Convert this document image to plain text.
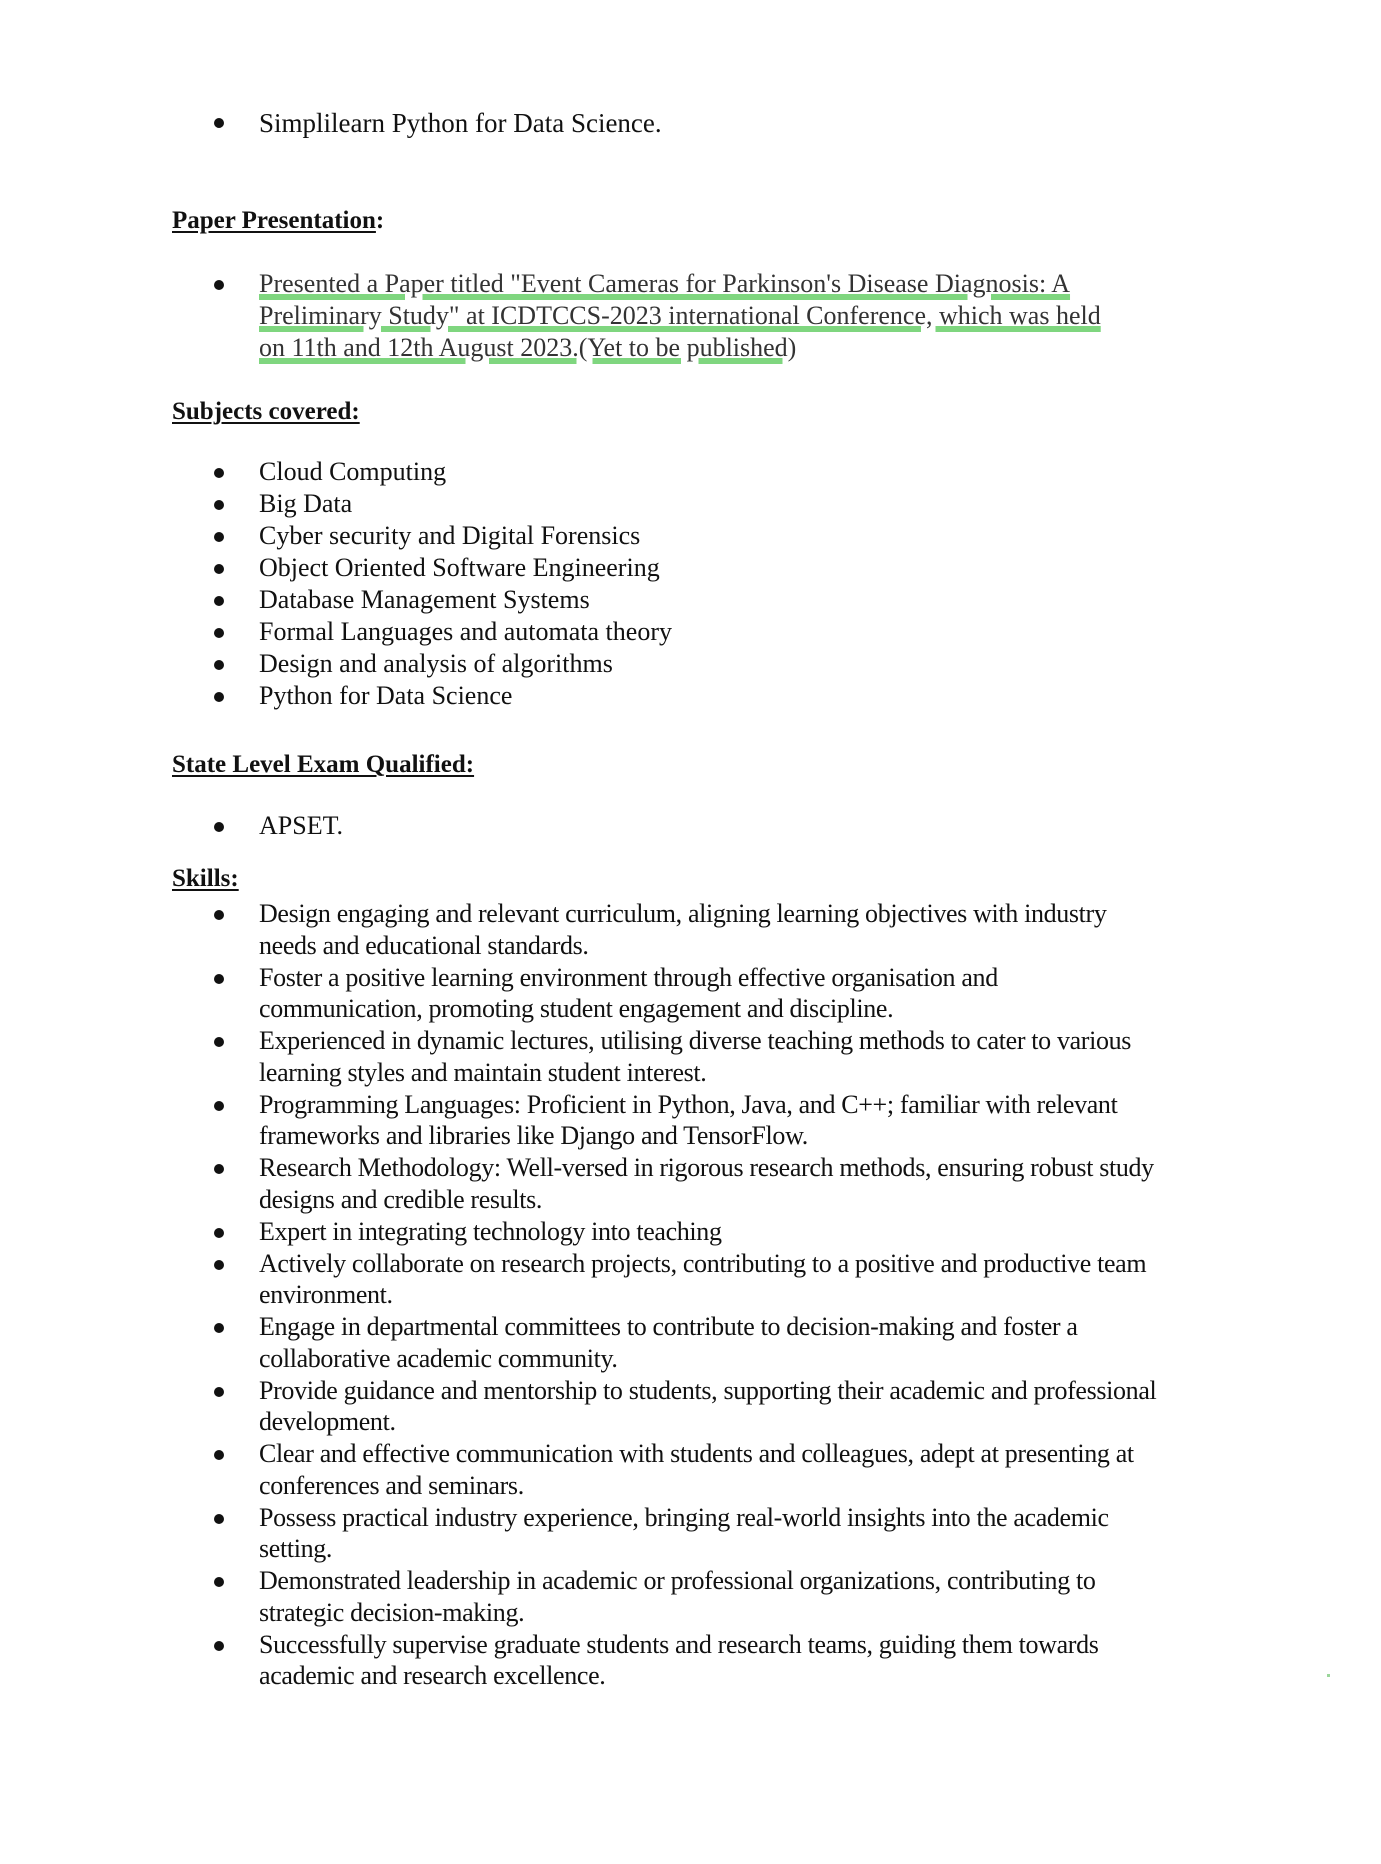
Simplilearn Python for Data Science.
Paper Presentation:
Presented a Paper titled "Event Cameras for Parkinson's Disease Diagnosis: A
Preliminary Study" at ICDTCCS-2023 international Conference, which was held
on 11th and 12th August 2023.(Yet to be published)
Subjects covered:
Cloud Computing
Big Data
Cyber security and Digital Forensics
Object Oriented Software Engineering
Database Management Systems
Formal Languages and automata theory
Design and analysis of algorithms
Python for Data Science
State Level Exam Qualified:
APSET.
Skills:
Design engaging and relevant curriculum, aligning learning objectives with industry
needs and educational standards.
Foster a positive learning environment through effective organisation and
communication, promoting student engagement and discipline.
Experienced in dynamic lectures, utilising diverse teaching methods to cater to various
learning styles and maintain student interest.
Programming Languages: Proficient in Python, Java, and C++; familiar with relevant
frameworks and libraries like Django and TensorFlow.
Research Methodology: Well-versed in rigorous research methods, ensuring robust study
designs and credible results.
Expert in integrating technology into teaching
Actively collaborate on research projects, contributing to a positive and productive team
environment.
Engage in departmental committees to contribute to decision-making and foster a
collaborative academic community.
Provide guidance and mentorship to students, supporting their academic and professional
development.
Clear and effective communication with students and colleagues, adept at presenting at
conferences and seminars.
Possess practical industry experience, bringing real-world insights into the academic
setting.
Demonstrated leadership in academic or professional organizations, contributing to
strategic decision-making.
Successfully supervise graduate students and research teams, guiding them towards
academic and research excellence.
